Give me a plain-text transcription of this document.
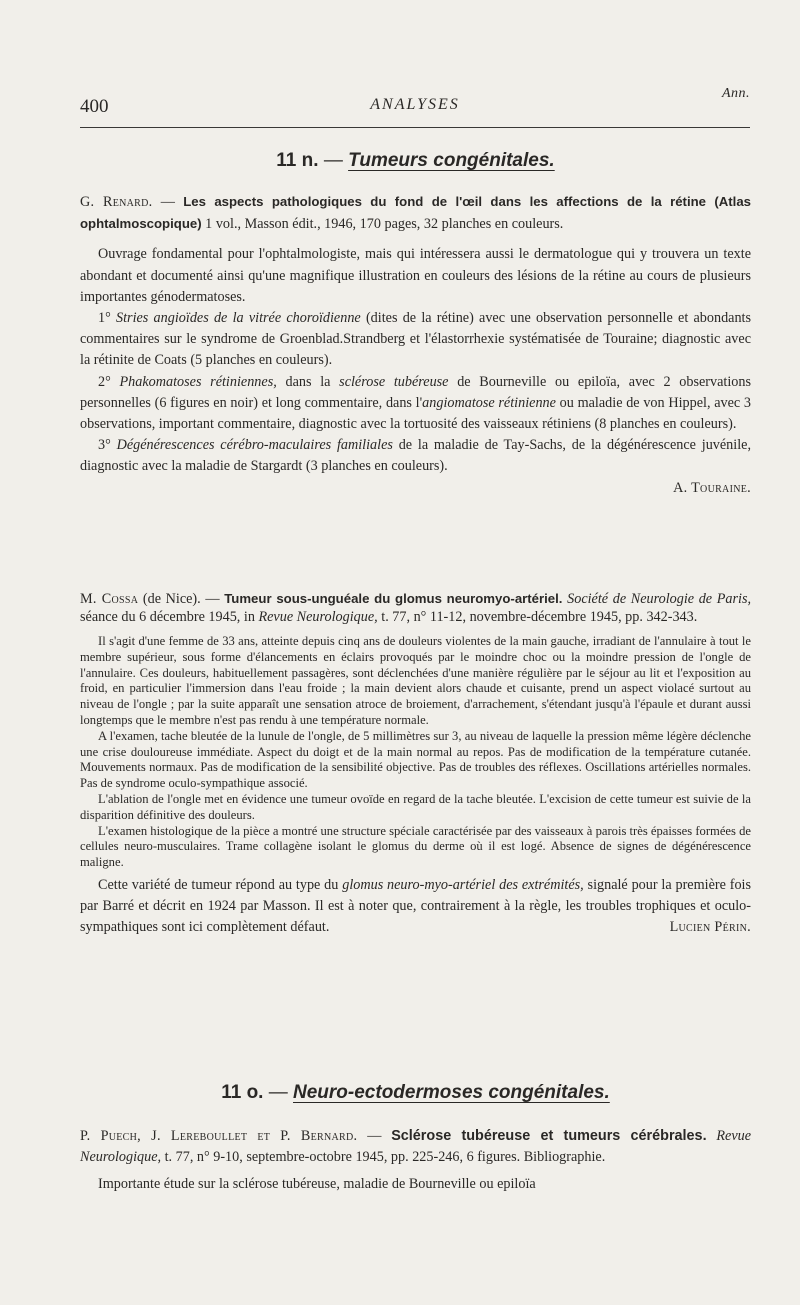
Ann.
400	ANALYSES
11 n. — Tumeurs congénitales.

G. Renard. — Les aspects pathologiques du fond de l'œil dans les affections de la rétine (Atlas ophtalmoscopique) 1 vol., Masson édit., 1946, 170 pages, 32 planches en couleurs.

Ouvrage fondamental pour l'ophtalmologiste, mais qui intéressera aussi le dermatologue qui y trouvera un texte abondant et documenté ainsi qu'une magnifique illustration en couleurs des lésions de la rétine au cours de plusieurs importantes génodermatoses.

1° Stries angioïdes de la vitrée choroïdienne (dites de la rétine) avec une observation personnelle et abondants commentaires sur le syndrome de Groenblad.Strandberg et l'élastorrhexie systématisée de Touraine; diagnostic avec la rétinite de Coats (5 planches en couleurs).

2° Phakomatoses rétiniennes, dans la sclérose tubéreuse de Bourneville ou epiloïa, avec 2 observations personnelles (6 figures en noir) et long commentaire, dans l'angiomatose rétinienne ou maladie de von Hippel, avec 3 observations, important commentaire, diagnostic avec la tortuosité des vaisseaux rétiniens (8 planches en couleurs).

3° Dégénérescences cérébro-maculaires familiales de la maladie de Tay-Sachs, de la dégénérescence juvénile, diagnostic avec la maladie de Stargardt (3 planches en couleurs).

A. Touraine.

M. Cossa (de Nice). — Tumeur sous-unguéale du glomus neuromyo-artériel. Société de Neurologie de Paris, séance du 6 décembre 1945, in Revue Neurologique, t. 77, n° 11-12, novembre-décembre 1945, pp. 342-343.

Il s'agit d'une femme de 33 ans, atteinte depuis cinq ans de douleurs violentes de la main gauche, irradiant de l'annulaire à tout le membre supérieur, sous forme d'élancements en éclairs provoqués par le moindre choc ou la moindre pression de l'ongle de l'annulaire. Ces douleurs, habituellement passagères, sont déclenchées d'une manière régulière par le séjour au lit et l'exposition au froid, en particulier l'immersion dans l'eau froide ; la main devient alors chaude et cuisante, prend un aspect violacé surtout au niveau de l'ongle ; par la suite apparaît une sensation atroce de broiement, d'arrachement, s'étendant jusqu'à l'épaule et durant aussi longtemps que le membre n'est pas rendu à une température normale.

A l'examen, tache bleutée de la lunule de l'ongle, de 5 millimètres sur 3, au niveau de laquelle la pression même légère déclenche une crise douloureuse immédiate. Aspect du doigt et de la main normal au repos. Pas de modification de la température cutanée. Mouvements normaux. Pas de modification de la sensibilité objective. Pas de troubles des réflexes. Oscillations artérielles normales. Pas de syndrome oculo-sympathique associé.

L'ablation de l'ongle met en évidence une tumeur ovoïde en regard de la tache bleutée. L'excision de cette tumeur est suivie de la disparition définitive des douleurs.

L'examen histologique de la pièce a montré une structure spéciale caractérisée par des vaisseaux à parois très épaisses formées de cellules neuro-musculaires. Trame collagène isolant le glomus du derme où il est logé. Absence de signes de dégénérescence maligne.

Cette variété de tumeur répond au type du glomus neuro-myo-artériel des extrémités, signalé pour la première fois par Barré et décrit en 1924 par Masson. Il est à noter que, contrairement à la règle, les troubles trophiques et oculo-sympathiques sont ici complètement défaut.	Lucien Périn.

11 o. — Neuro-ectodermoses congénitales.

P. Puech, J. Lereboullet et P. Bernard. — Sclérose tubéreuse et tumeurs cérébrales. Revue Neurologique, t. 77, n° 9-10, septembre-octobre 1945, pp. 225-246, 6 figures. Bibliographie.

Importante étude sur la sclérose tubéreuse, maladie de Bourneville ou epiloïa
